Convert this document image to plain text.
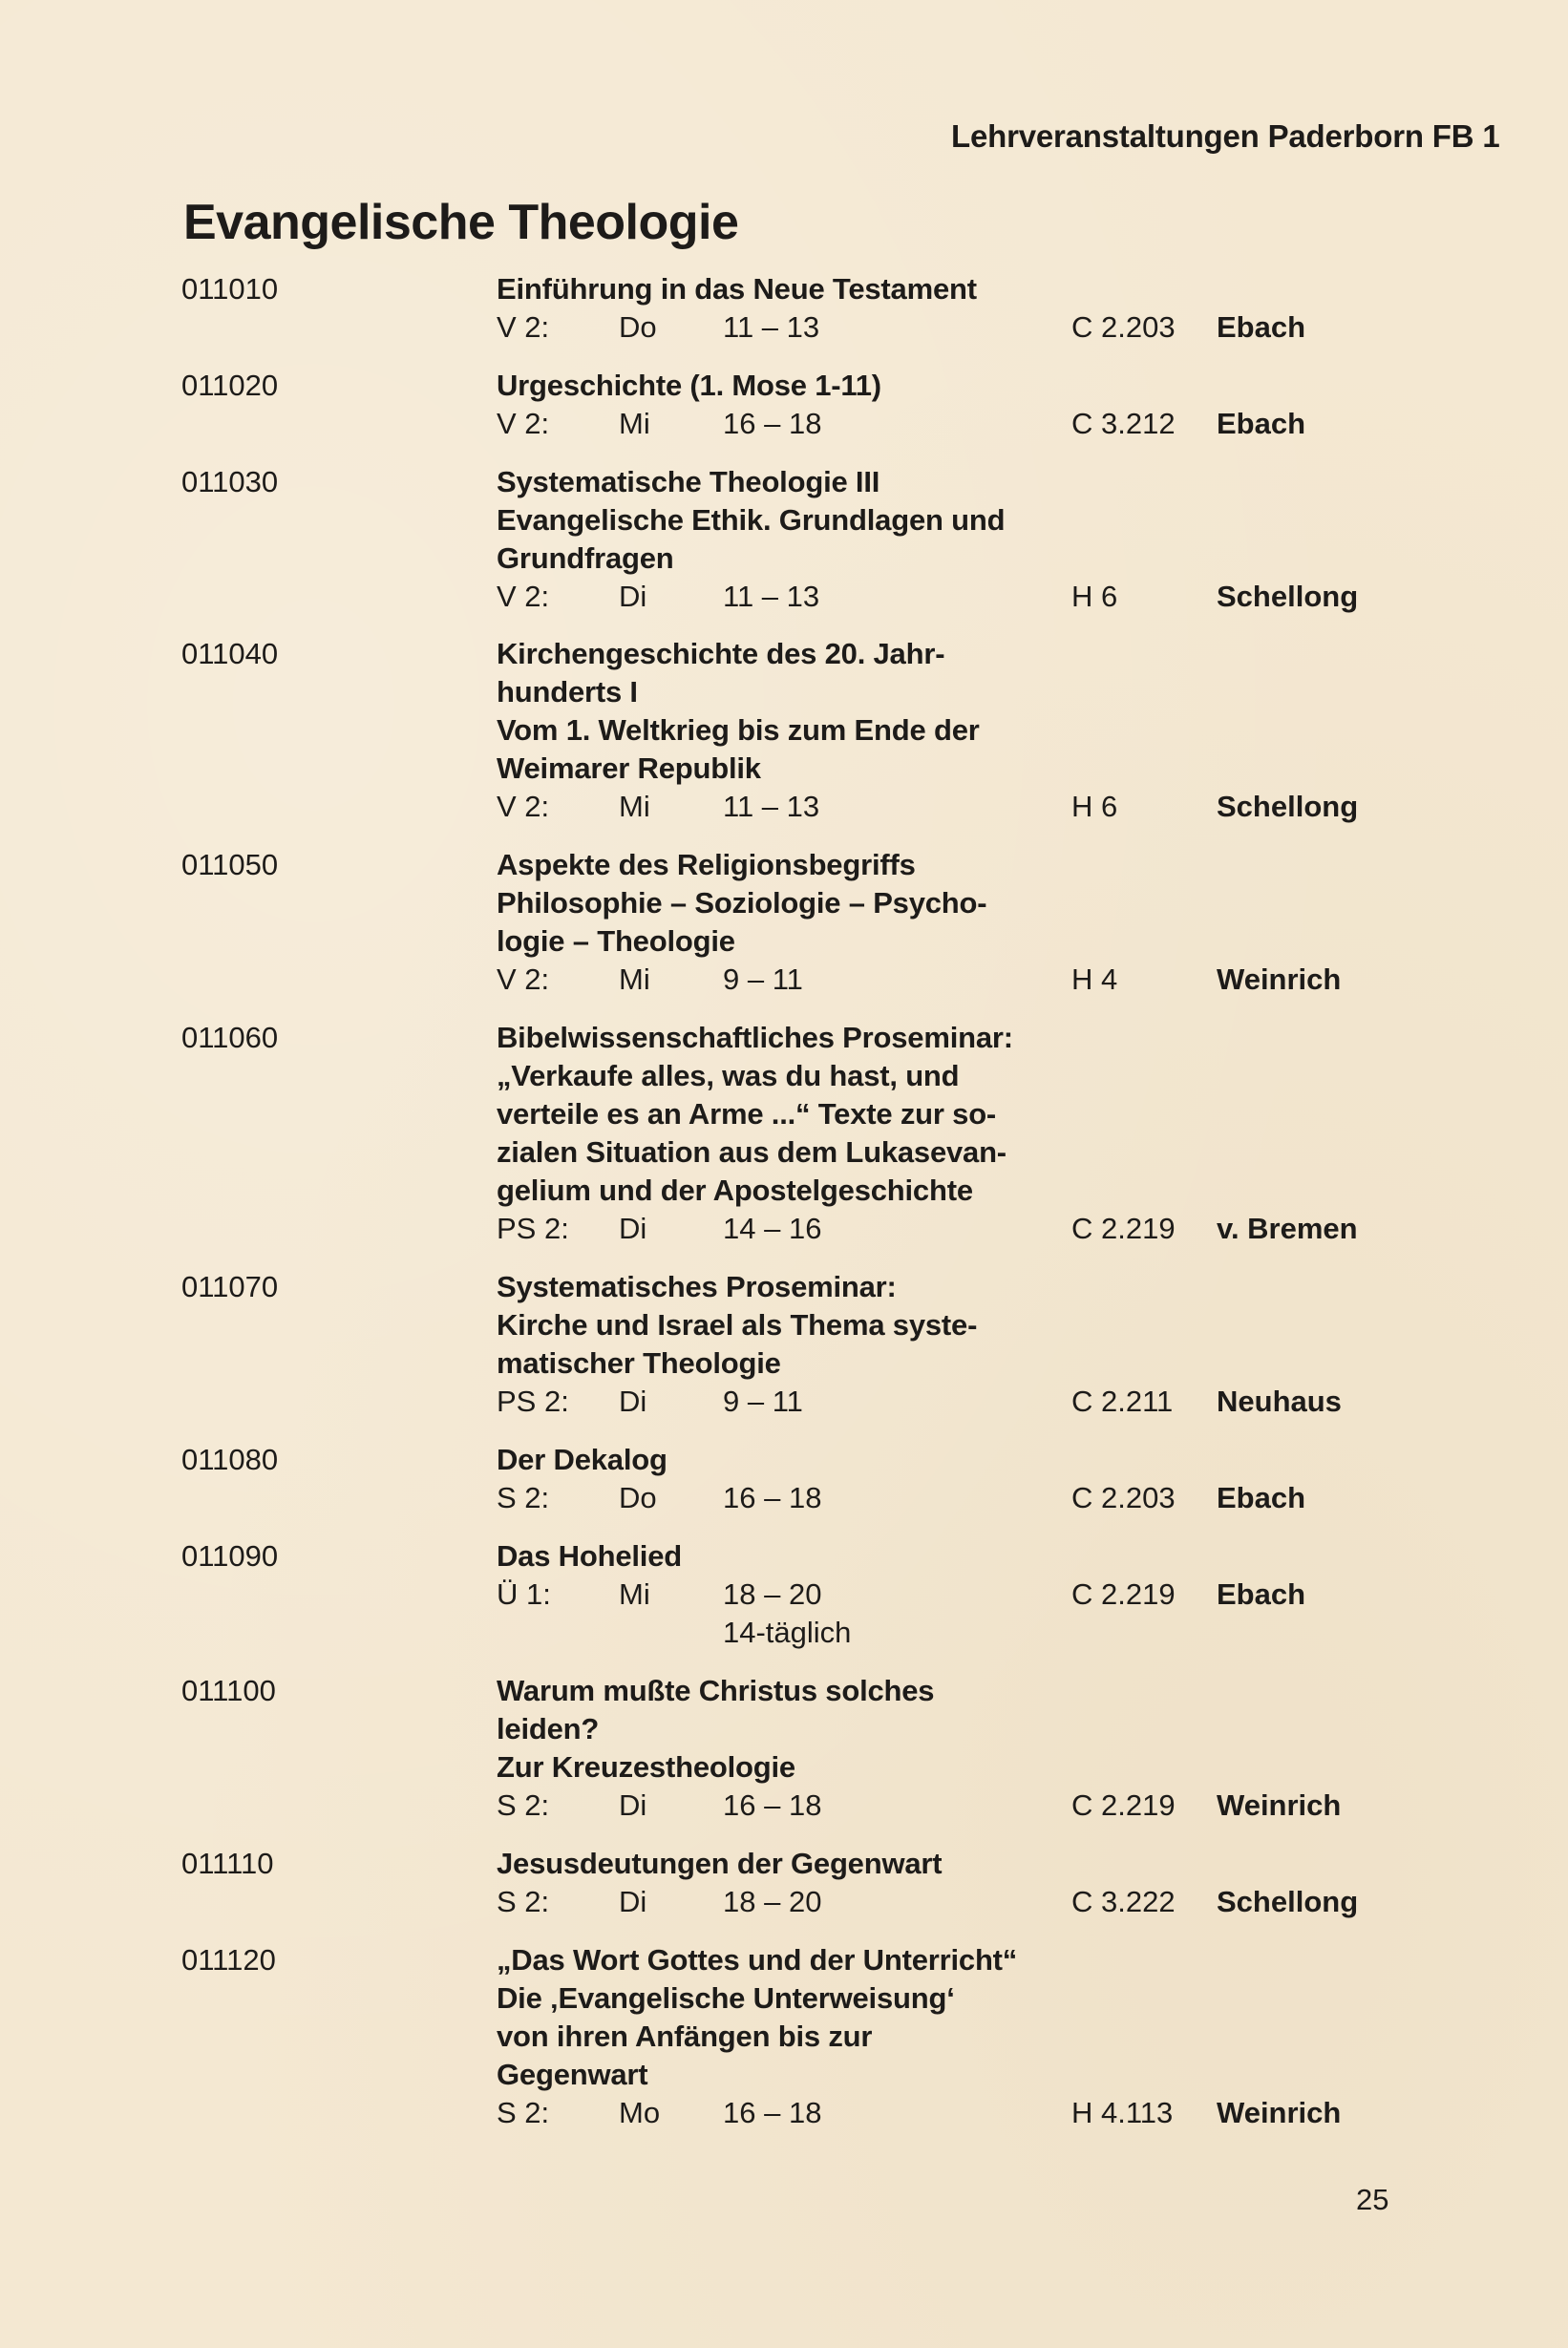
Lehrveranstaltungen Paderborn FB 1
Evangelische Theologie
011010	Einführung in das Neue Testament
V 2: Do 11 – 13	C 2.203 Ebach
011020	Urgeschichte (1. Mose 1-11)
V 2: Mi 16 – 18	C 3.212 Ebach
011030	Systematische Theologie III
Evangelische Ethik. Grundlagen und
Grundfragen
V 2: Di	11 – 13	H 6	Schellong
011040	Kirchengeschichte des 20. Jahr-
hunderts I
Vom 1. Weltkrieg bis zum Ende der
Weimarer Republik
V 2: Mi 11 – 13	H 6	Schellong
011050	Aspekte des Religionsbegriffs
Philosophie – Soziologie – Psycho-
logie – Theologie
V 2: Mi 9 – 11	H 4	Weinrich
011060	Bibelwissenschaftliches Proseminar:
„Verkaufe alles, was du hast, und
verteile es an Arme ...“ Texte zur so-
zialen Situation aus dem Lukasevan-
gelium und der Apostelgeschichte
PS 2: Di	14 – 16	C 2.219 v. Bremen
011070	Systematisches Proseminar:
Kirche und Israel als Thema syste-
matischer Theologie
PS 2: Di	9 – 11	C 2.211 Neuhaus
011080	Der Dekalog
S 2: Do 16 – 18	C 2.203 Ebach
011090	Das Hohelied
Ü 1: Mi 18 – 20	C 2.219 Ebach
14-täglich
011100	Warum mußte Christus solches
leiden?
Zur Kreuzestheologie
S 2: Di	16 – 18	C 2.219 Weinrich
011110	Jesusdeutungen der Gegenwart
S 2: Di	18 – 20	C 3.222 Schellong
011120	„Das Wort Gottes und der Unterricht“
Die ‚Evangelische Unterweisung‘
von ihren Anfängen bis zur
Gegenwart
S 2: Mo 16 – 18	H 4.113 Weinrich
25
